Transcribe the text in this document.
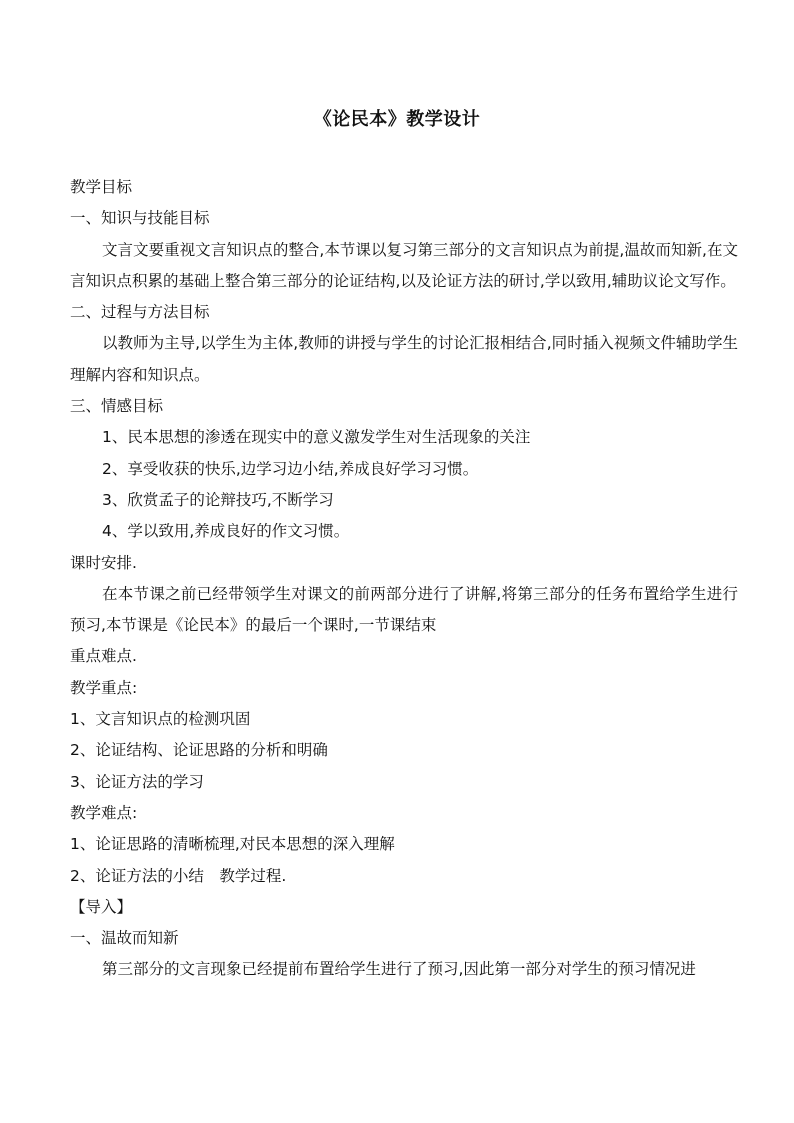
《论民本》教学设计

教学目标

一、知识与技能目标

文言文要重视文言知识点的整合,本节课以复习第三部分的文言知识点为前提,温故而知新,在文言知识点积累的基础上整合第三部分的论证结构,以及论证方法的研讨,学以致用,辅助议论文写作。

二、过程与方法目标

以教师为主导,以学生为主体,教师的讲授与学生的讨论汇报相结合,同时插入视频文件辅助学生理解内容和知识点。

三、情感目标

1、民本思想的渗透在现实中的意义激发学生对生活现象的关注

2、享受收获的快乐,边学习边小结,养成良好学习习惯。

3、欣赏孟子的论辩技巧,不断学习

4、学以致用,养成良好的作文习惯。

课时安排.

在本节课之前已经带领学生对课文的前两部分进行了讲解,将第三部分的任务布置给学生进行预习,本节课是《论民本》的最后一个课时,一节课结束

重点难点.

教学重点:

1、文言知识点的检测巩固

2、论证结构、论证思路的分析和明确

3、论证方法的学习

教学难点:

1、论证思路的清晰梳理,对民本思想的深入理解

2、论证方法的小结　教学过程.

【导入】

一、温故而知新

第三部分的文言现象已经提前布置给学生进行了预习,因此第一部分对学生的预习情况进
